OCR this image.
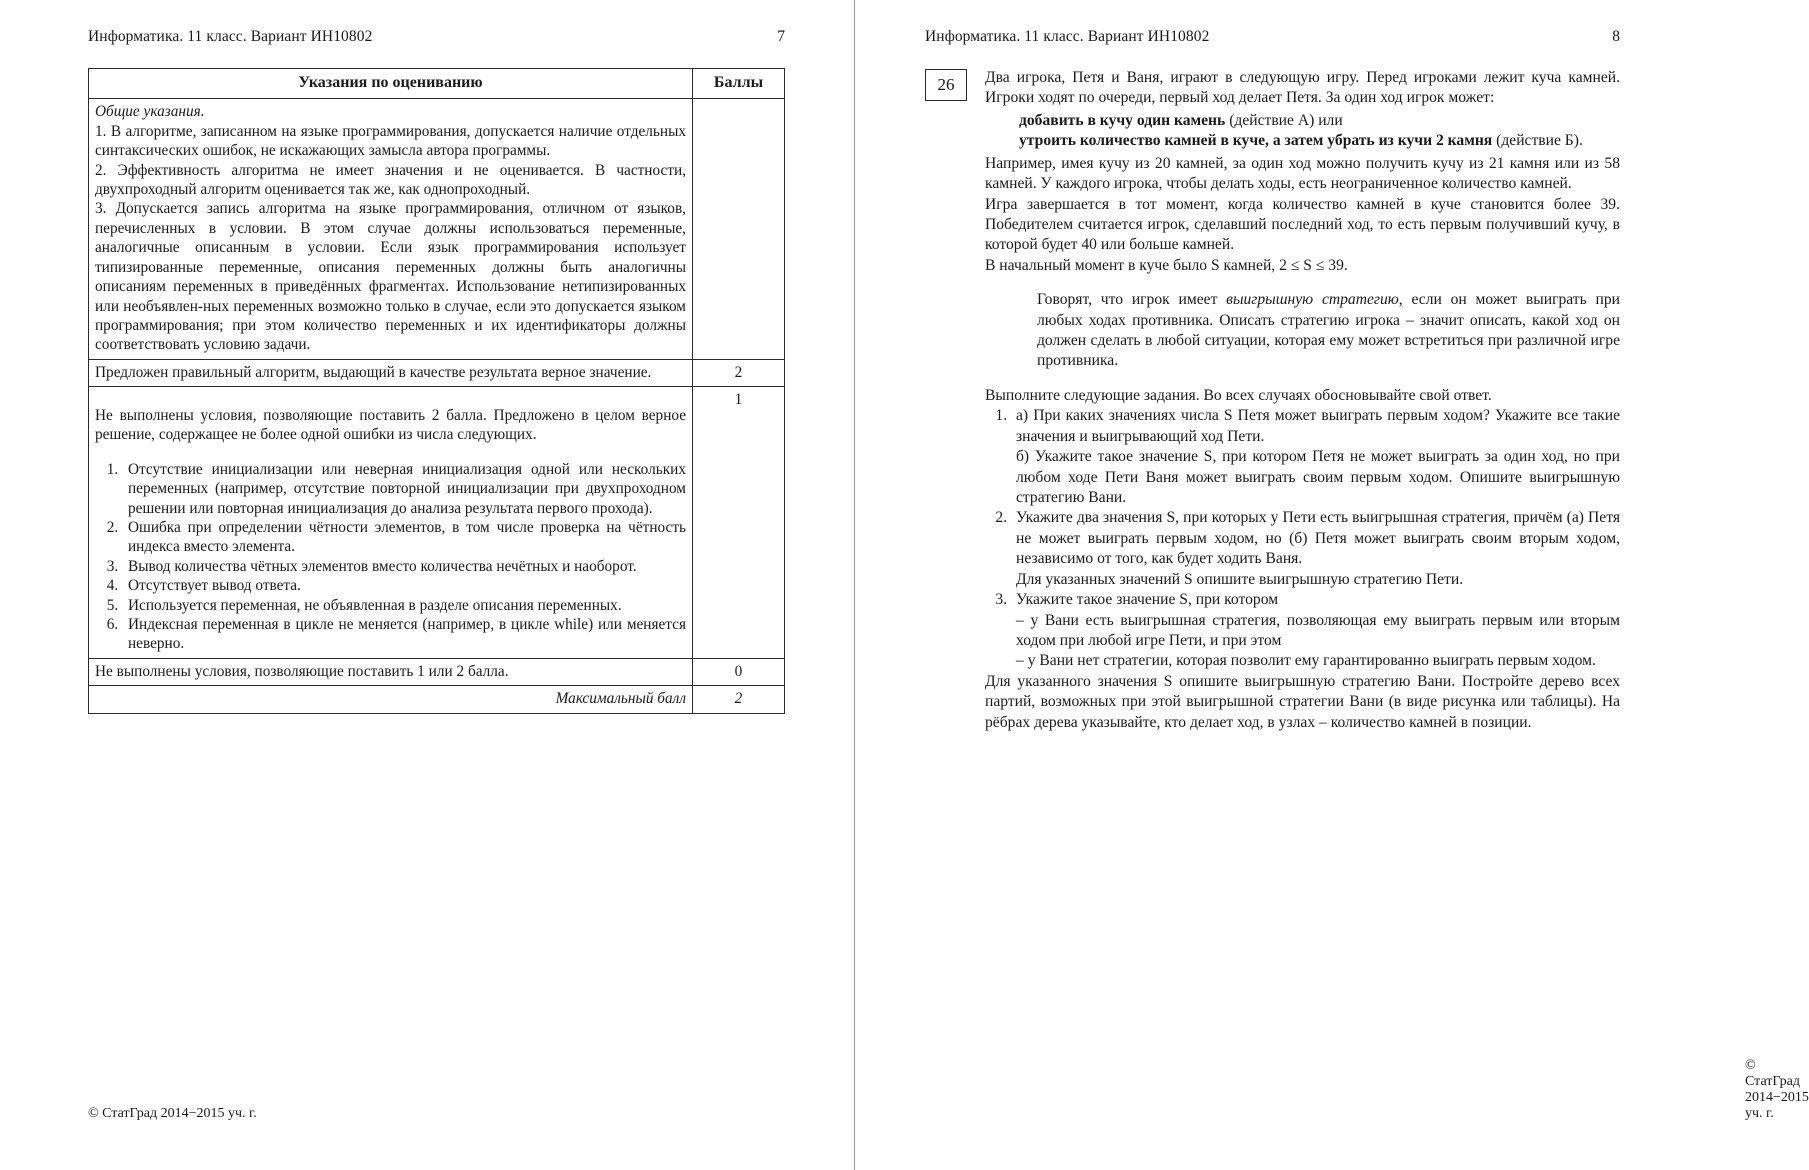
Информатика. 11 класс. Вариант ИН10802	7
Указания по оцениванию	Баллы

Общие указания.

1. В алгоритме, записанном на языке программирования, допускается наличие отдельных синтаксических ошибок, не искажающих замысла автора программы.

2. Эффективность алгоритма не имеет значения и не оценивается. В частности, двухпроходный алгоритм оценивается так же, как однопроходный.

3. Допускается запись алгоритма на языке программирования, отличном от языков, перечисленных в условии. В этом случае должны использоваться переменные, аналогичные описанным в условии. Если язык программирования использует типизированные переменные, описания переменных должны быть аналогичны описаниям переменных в приведённых фрагментах. Использование нетипизированных или необъявлен-ных переменных возможно только в случае, если это допускается языком программирования; при этом количество переменных и их идентификаторы должны соответствовать условию задачи.	

Предложен правильный алгоритм, выдающий в качестве результата верное значение.	2

Не выполнены условия, позволяющие поставить 2 балла. Предложено в целом верное решение, содержащее не более одной ошибки из числа следующих.

1. Отсутствие инициализации или неверная инициализация одной или нескольких переменных (например, отсутствие повторной инициализации при двухпроходном решении или повторная инициализация до анализа результата первого прохода).
2. Ошибка при определении чётности элементов, в том числе проверка на чётность индекса вместо элемента.
3. Вывод количества чётных элементов вместо количества нечётных и наоборот.
4. Отсутствует вывод ответа.
5. Используется переменная, не объявленная в разделе описания переменных.
6. Индексная переменная в цикле не меняется (например, в цикле while) или меняется неверно.
	1
Не выполнены условия, позволяющие поставить 1 или 2 балла.	0
Максимальный балл	2
© СтатГрад 2014−2015 уч. г.
Информатика. 11 класс. Вариант ИН10802	8
26	Два игрока, Петя и Ваня, играют в следующую игру. Перед игроками лежит куча камней. Игроки ходят по очереди, первый ход делает Петя. За один ход игрок может:

добавить в кучу один камень (действие А) или

утроить количество камней в куче, а затем убрать из кучи 2 камня (действие Б).

Например, имея кучу из 20 камней, за один ход можно получить кучу из 21 камня или из 58 камней. У каждого игрока, чтобы делать ходы, есть неограниченное количество камней.

Игра завершается в тот момент, когда количество камней в куче становится более 39. Победителем считается игрок, сделавший последний ход, то есть первым получивший кучу, в которой будет 40 или больше камней.

В начальный момент в куче было S камней, 2 ≤ S ≤ 39.

Говорят, что игрок имеет выигрышную стратегию, если он может выиграть при любых ходах противника. Описать стратегию игрока – значит описать, какой ход он должен сделать в любой ситуации, которая ему может встретиться при различной игре противника.

Выполните следующие задания. Во всех случаях обосновывайте свой ответ.

1. а) При каких значениях числа S Петя может выиграть первым ходом? Укажите все такие значения и выигрывающий ход Пети.
б) Укажите такое значение S, при котором Петя не может выиграть за один ход, но при любом ходе Пети Ваня может выиграть своим первым ходом. Опишите выигрышную стратегию Вани.
2. Укажите два значения S, при которых у Пети есть выигрышная стратегия, причём (а) Петя не может выиграть первым ходом, но (б) Петя может выиграть своим вторым ходом, независимо от того, как будет ходить Ваня.
Для указанных значений S опишите выигрышную стратегию Пети.
3. Укажите такое значение S, при котором
– у Вани есть выигрышная стратегия, позволяющая ему выиграть первым или вторым ходом при любой игре Пети, и при этом
– у Вани нет стратегии, которая позволит ему гарантированно выиграть первым ходом.

Для указанного значения S опишите выигрышную стратегию Вани. Постройте дерево всех партий, возможных при этой выигрышной стратегии Вани (в виде рисунка или таблицы). На рёбрах дерева указывайте, кто делает ход, в узлах – количество камней в позиции.

© СтатГрад 2014−2015 уч. г.
